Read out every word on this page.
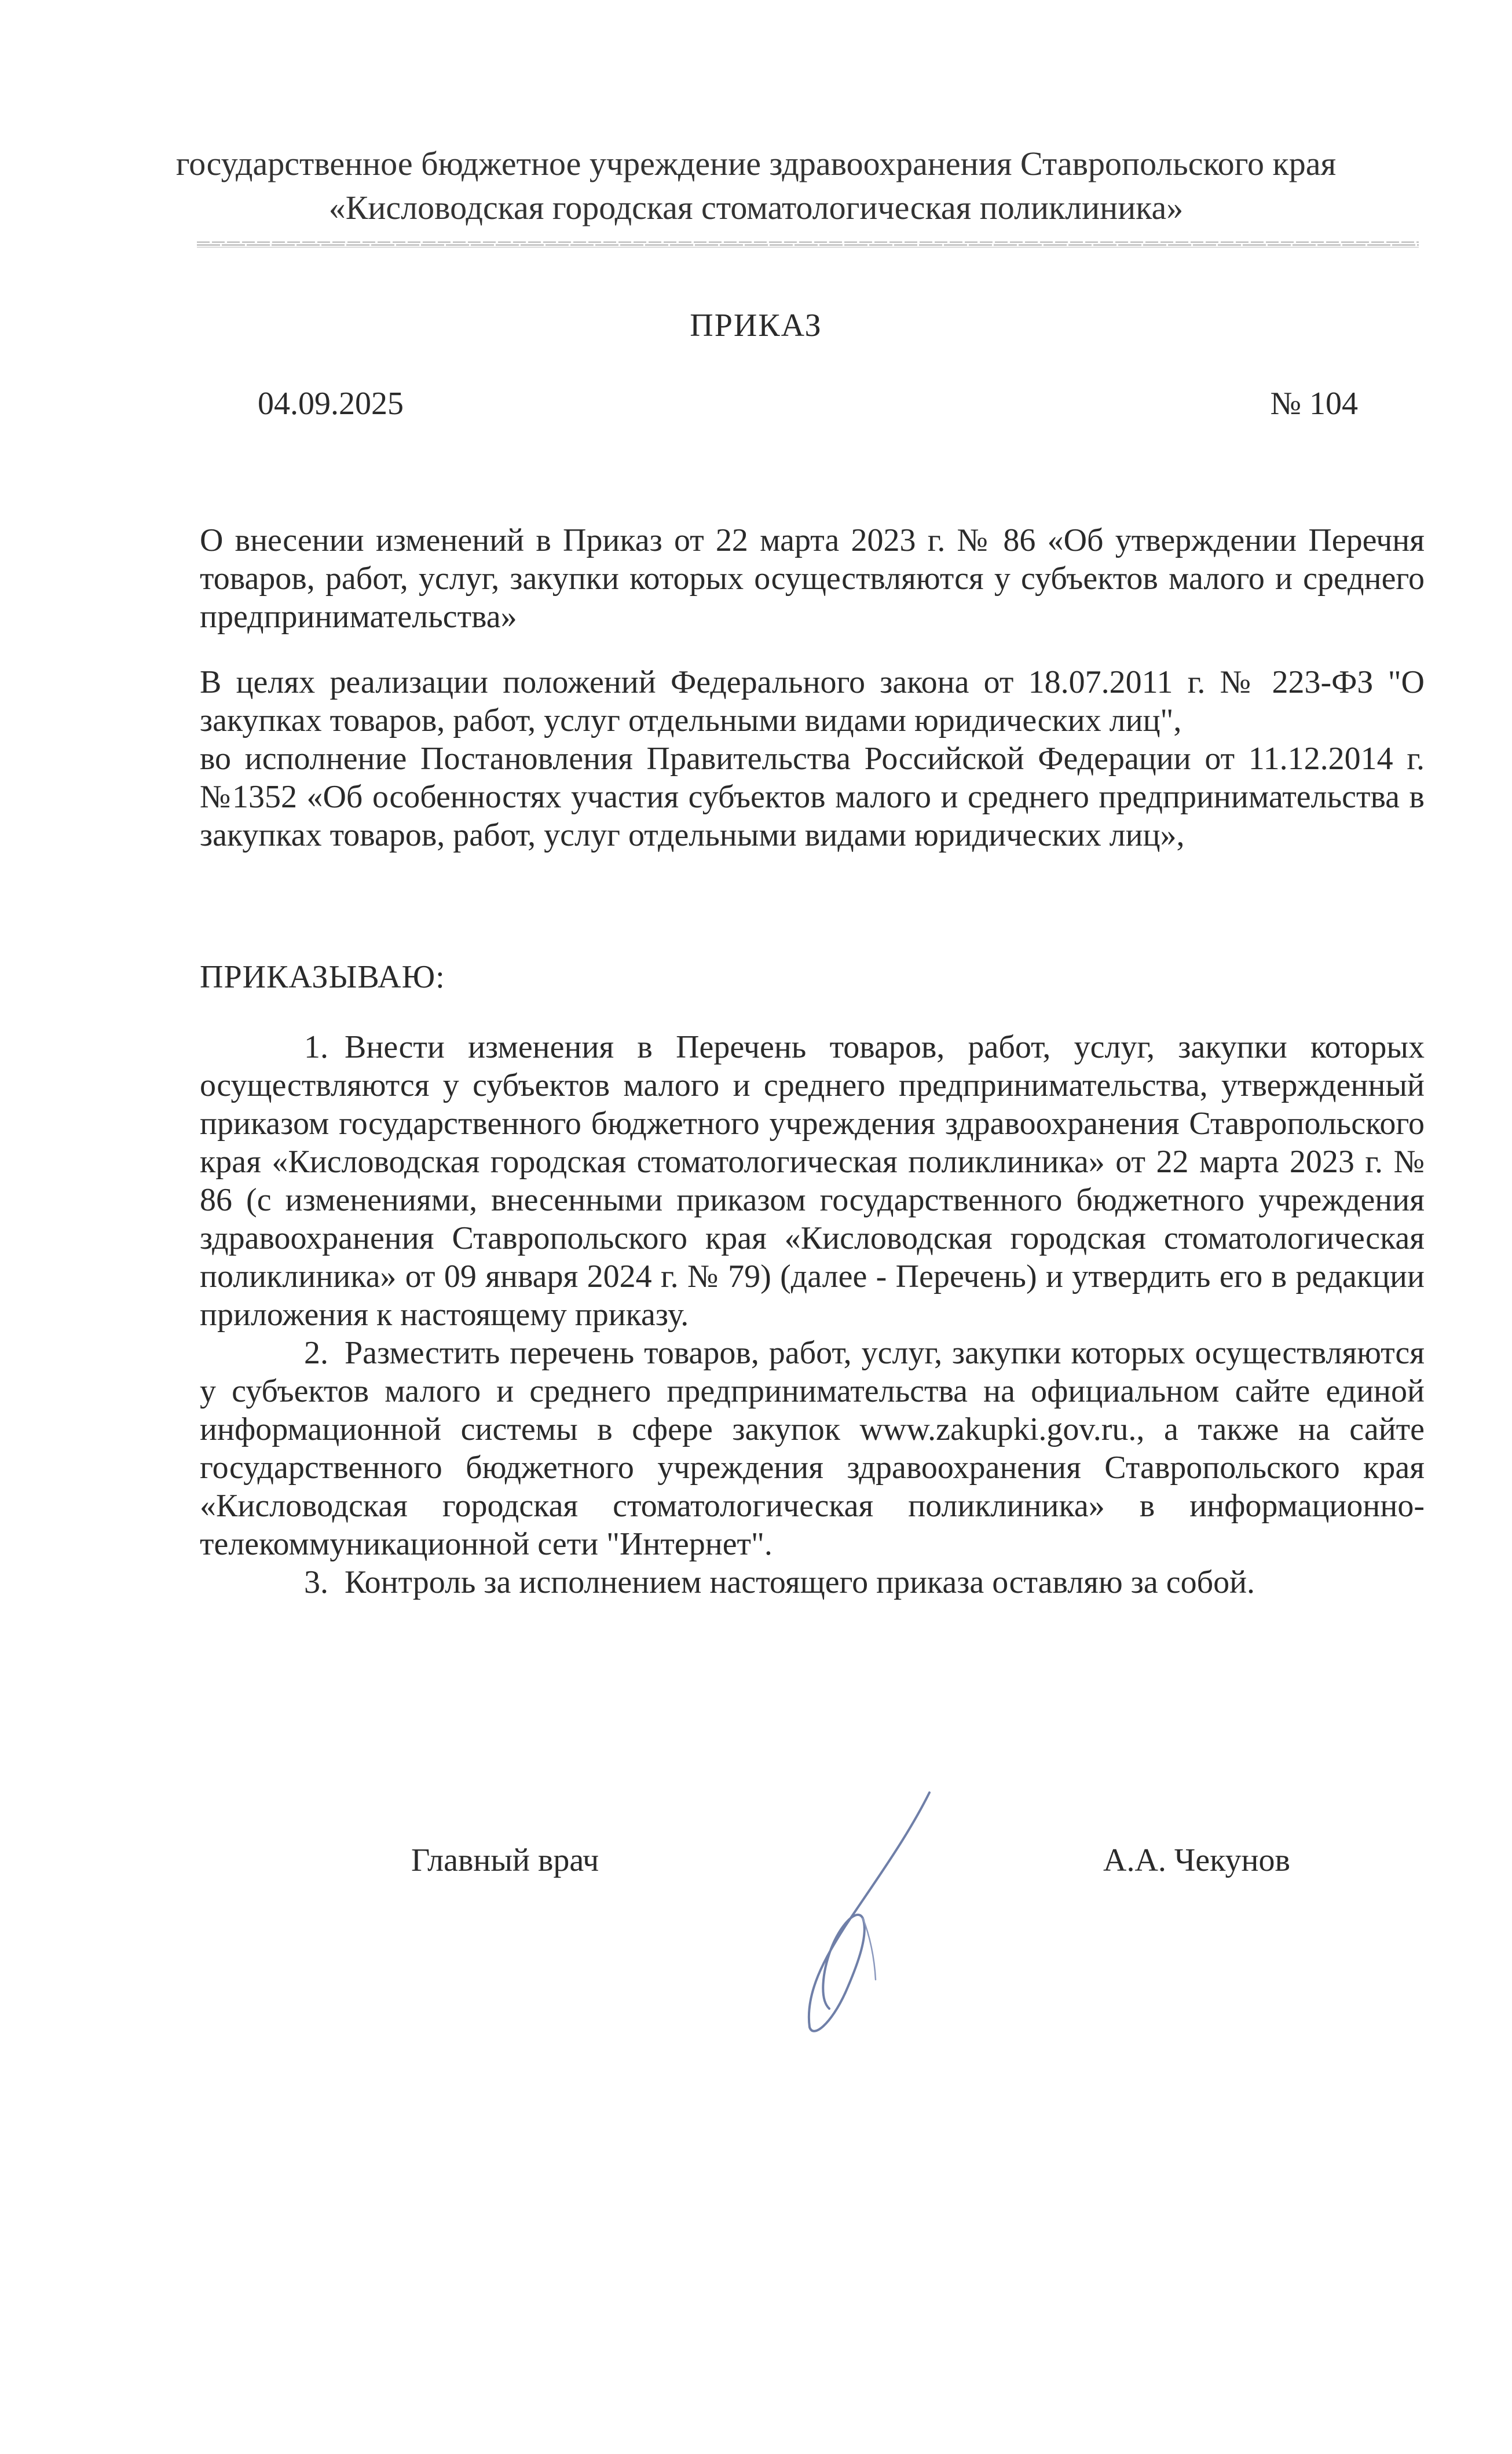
государственное бюджетное учреждение здравоохранения Ставропольского края
«Кисловодская городская стоматологическая поликлиника»
ПРИКАЗ
04.09.2025	№ 104
О внесении изменений в Приказ от 22 марта 2023 г. № 86 «Об утверждении Перечня товаров, работ, услуг, закупки которых осуществляются у субъектов малого и среднего предпринимательства»

В целях реализации положений Федерального закона от 18.07.2011 г. № 223-ФЗ "О закупках товаров, работ, услуг отдельными видами юридических лиц",

во исполнение Постановления Правительства Российской Федерации от 11.12.2014 г. №1352 «Об особенностях участия субъектов малого и среднего предпринимательства в закупках товаров, работ, услуг отдельными видами юридических лиц»,

ПРИКАЗЫВАЮ:

1. Внести изменения в Перечень товаров, работ, услуг, закупки которых осуществляются у субъектов малого и среднего предпринимательства, утвержденный приказом государственного бюджетного учреждения здравоохранения Ставропольского края «Кисловодская городская стоматологическая поликлиника» от 22 марта 2023 г. № 86 (с изменениями, внесенными приказом государственного бюджетного учреждения здравоохранения Ставропольского края «Кисловодская городская стоматологическая поликлиника» от 09 января 2024 г. № 79) (далее - Перечень) и утвердить его в редакции приложения к настоящему приказу.

2. Разместить перечень товаров, работ, услуг, закупки которых осуществляются у субъектов малого и среднего предпринимательства на официальном сайте единой информационной системы в сфере закупок www.zakupki.gov.ru., а также на сайте государственного бюджетного учреждения здравоохранения Ставропольского края «Кисловодская городская стоматологическая поликлиника» в информационно-телекоммуникационной сети "Интернет".

3. Контроль за исполнением настоящего приказа оставляю за собой.

Главный врач	А.А. Чекунов
